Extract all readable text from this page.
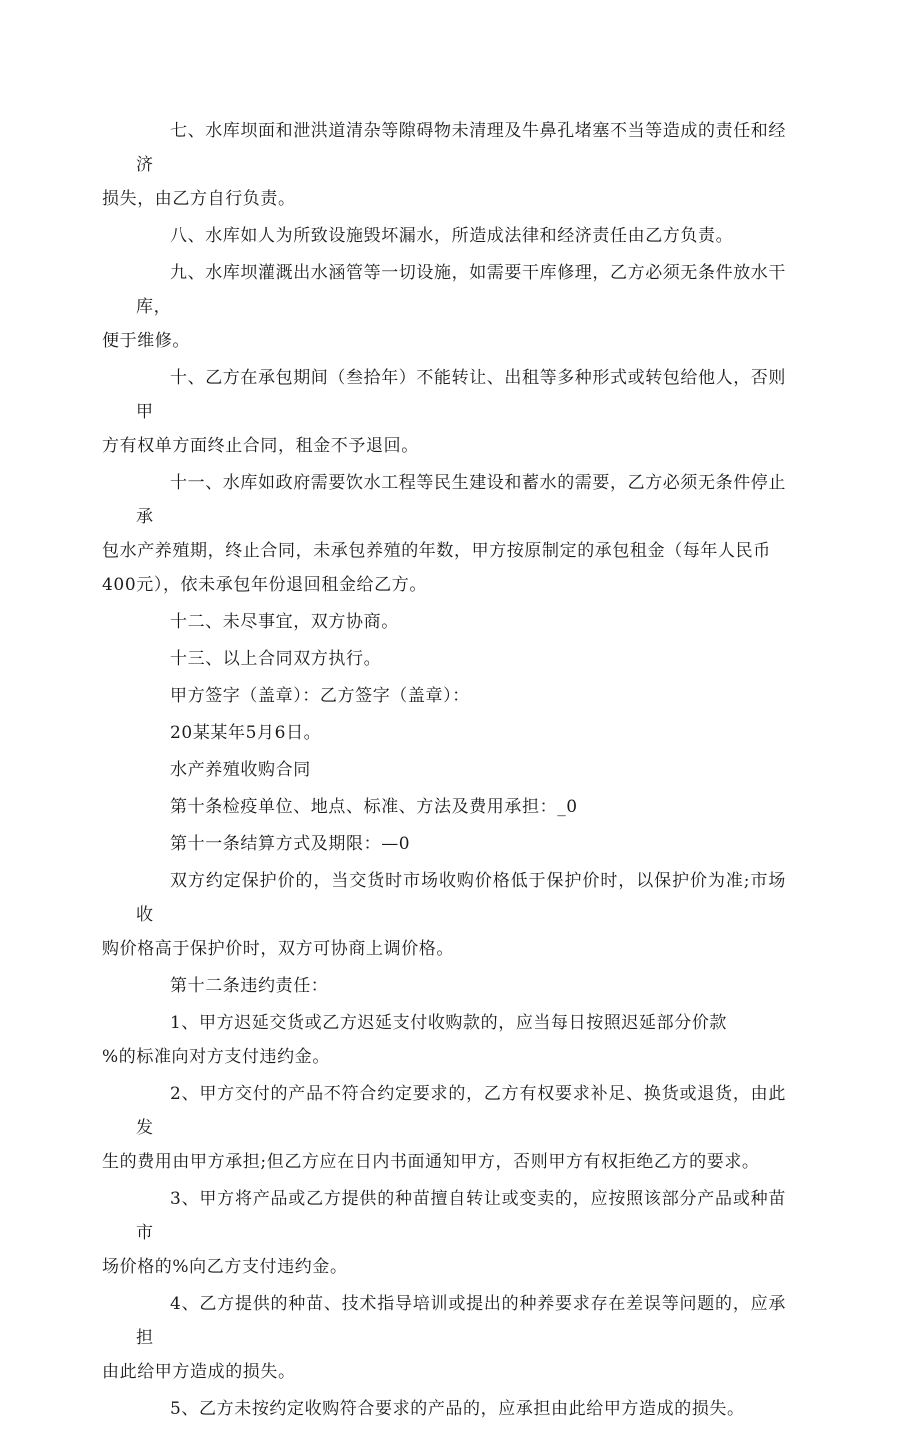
七、水库坝面和泄洪道清杂等隙碍物未清理及牛鼻孔堵塞不当等造成的责任和经济
损失，由乙方自行负责。
八、水库如人为所致设施毁坏漏水，所造成法律和经济责任由乙方负责。
九、水库坝灌溉出水涵管等一切设施，如需要干库修理，乙方必须无条件放水干库，
便于维修。
十、乙方在承包期间（叁拾年）不能转让、出租等多种形式或转包给他人，否则甲
方有权单方面终止合同，租金不予退回。
十一、水库如政府需要饮水工程等民生建设和蓄水的需要，乙方必须无条件停止承
包水产养殖期，终止合同，未承包养殖的年数，甲方按原制定的承包租金（每年人民币
400元），依未承包年份退回租金给乙方。
十二、未尽事宜，双方协商。
十三、以上合同双方执行。
甲方签字（盖章）：乙方签字（盖章）：
20某某年5月6日。
水产养殖收购合同
第十条检疫单位、地点、标准、方法及费用承担：_0
第十一条结算方式及期限：—0
双方约定保护价的，当交货时市场收购价格低于保护价时，以保护价为准;市场收
购价格高于保护价时，双方可协商上调价格。
第十二条违约责任：
1、甲方迟延交货或乙方迟延支付收购款的，应当每日按照迟延部分价款
%的标准向对方支付违约金。
2、甲方交付的产品不符合约定要求的，乙方有权要求补足、换货或退货，由此发
生的费用由甲方承担;但乙方应在日内书面通知甲方，否则甲方有权拒绝乙方的要求。
3、甲方将产品或乙方提供的种苗擅自转让或变卖的，应按照该部分产品或种苗市
场价格的%向乙方支付违约金。
4、乙方提供的种苗、技术指导培训或提出的种养要求存在差误等问题的，应承担
由此给甲方造成的损失。
5、乙方未按约定收购符合要求的产品的，应承担由此给甲方造成的损失。
